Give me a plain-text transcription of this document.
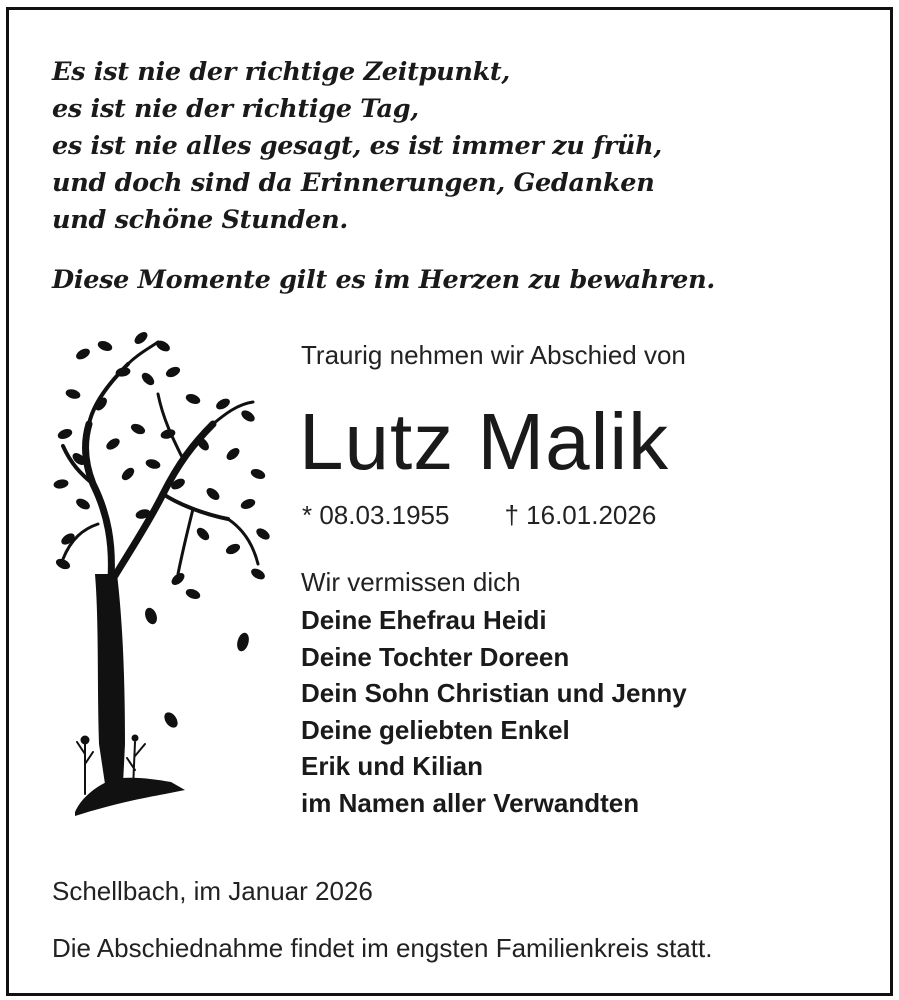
Es ist nie der richtige Zeitpunkt,
es ist nie der richtige Tag,
es ist nie alles gesagt, es ist immer zu früh,
und doch sind da Erinnerungen, Gedanken
und schöne Stunden.
Diese Momente gilt es im Herzen zu bewahren.
Traurig nehmen wir Abschied von
Lutz Malik
* 08.03.1955 † 16.01.2026
Wir vermissen dich
Deine Ehefrau Heidi
Deine Tochter Doreen
Dein Sohn Christian und Jenny
Deine geliebten Enkel
Erik und Kilian
im Namen aller Verwandten
Schellbach, im Januar 2026
Die Abschiednahme findet im engsten Familienkreis statt.
